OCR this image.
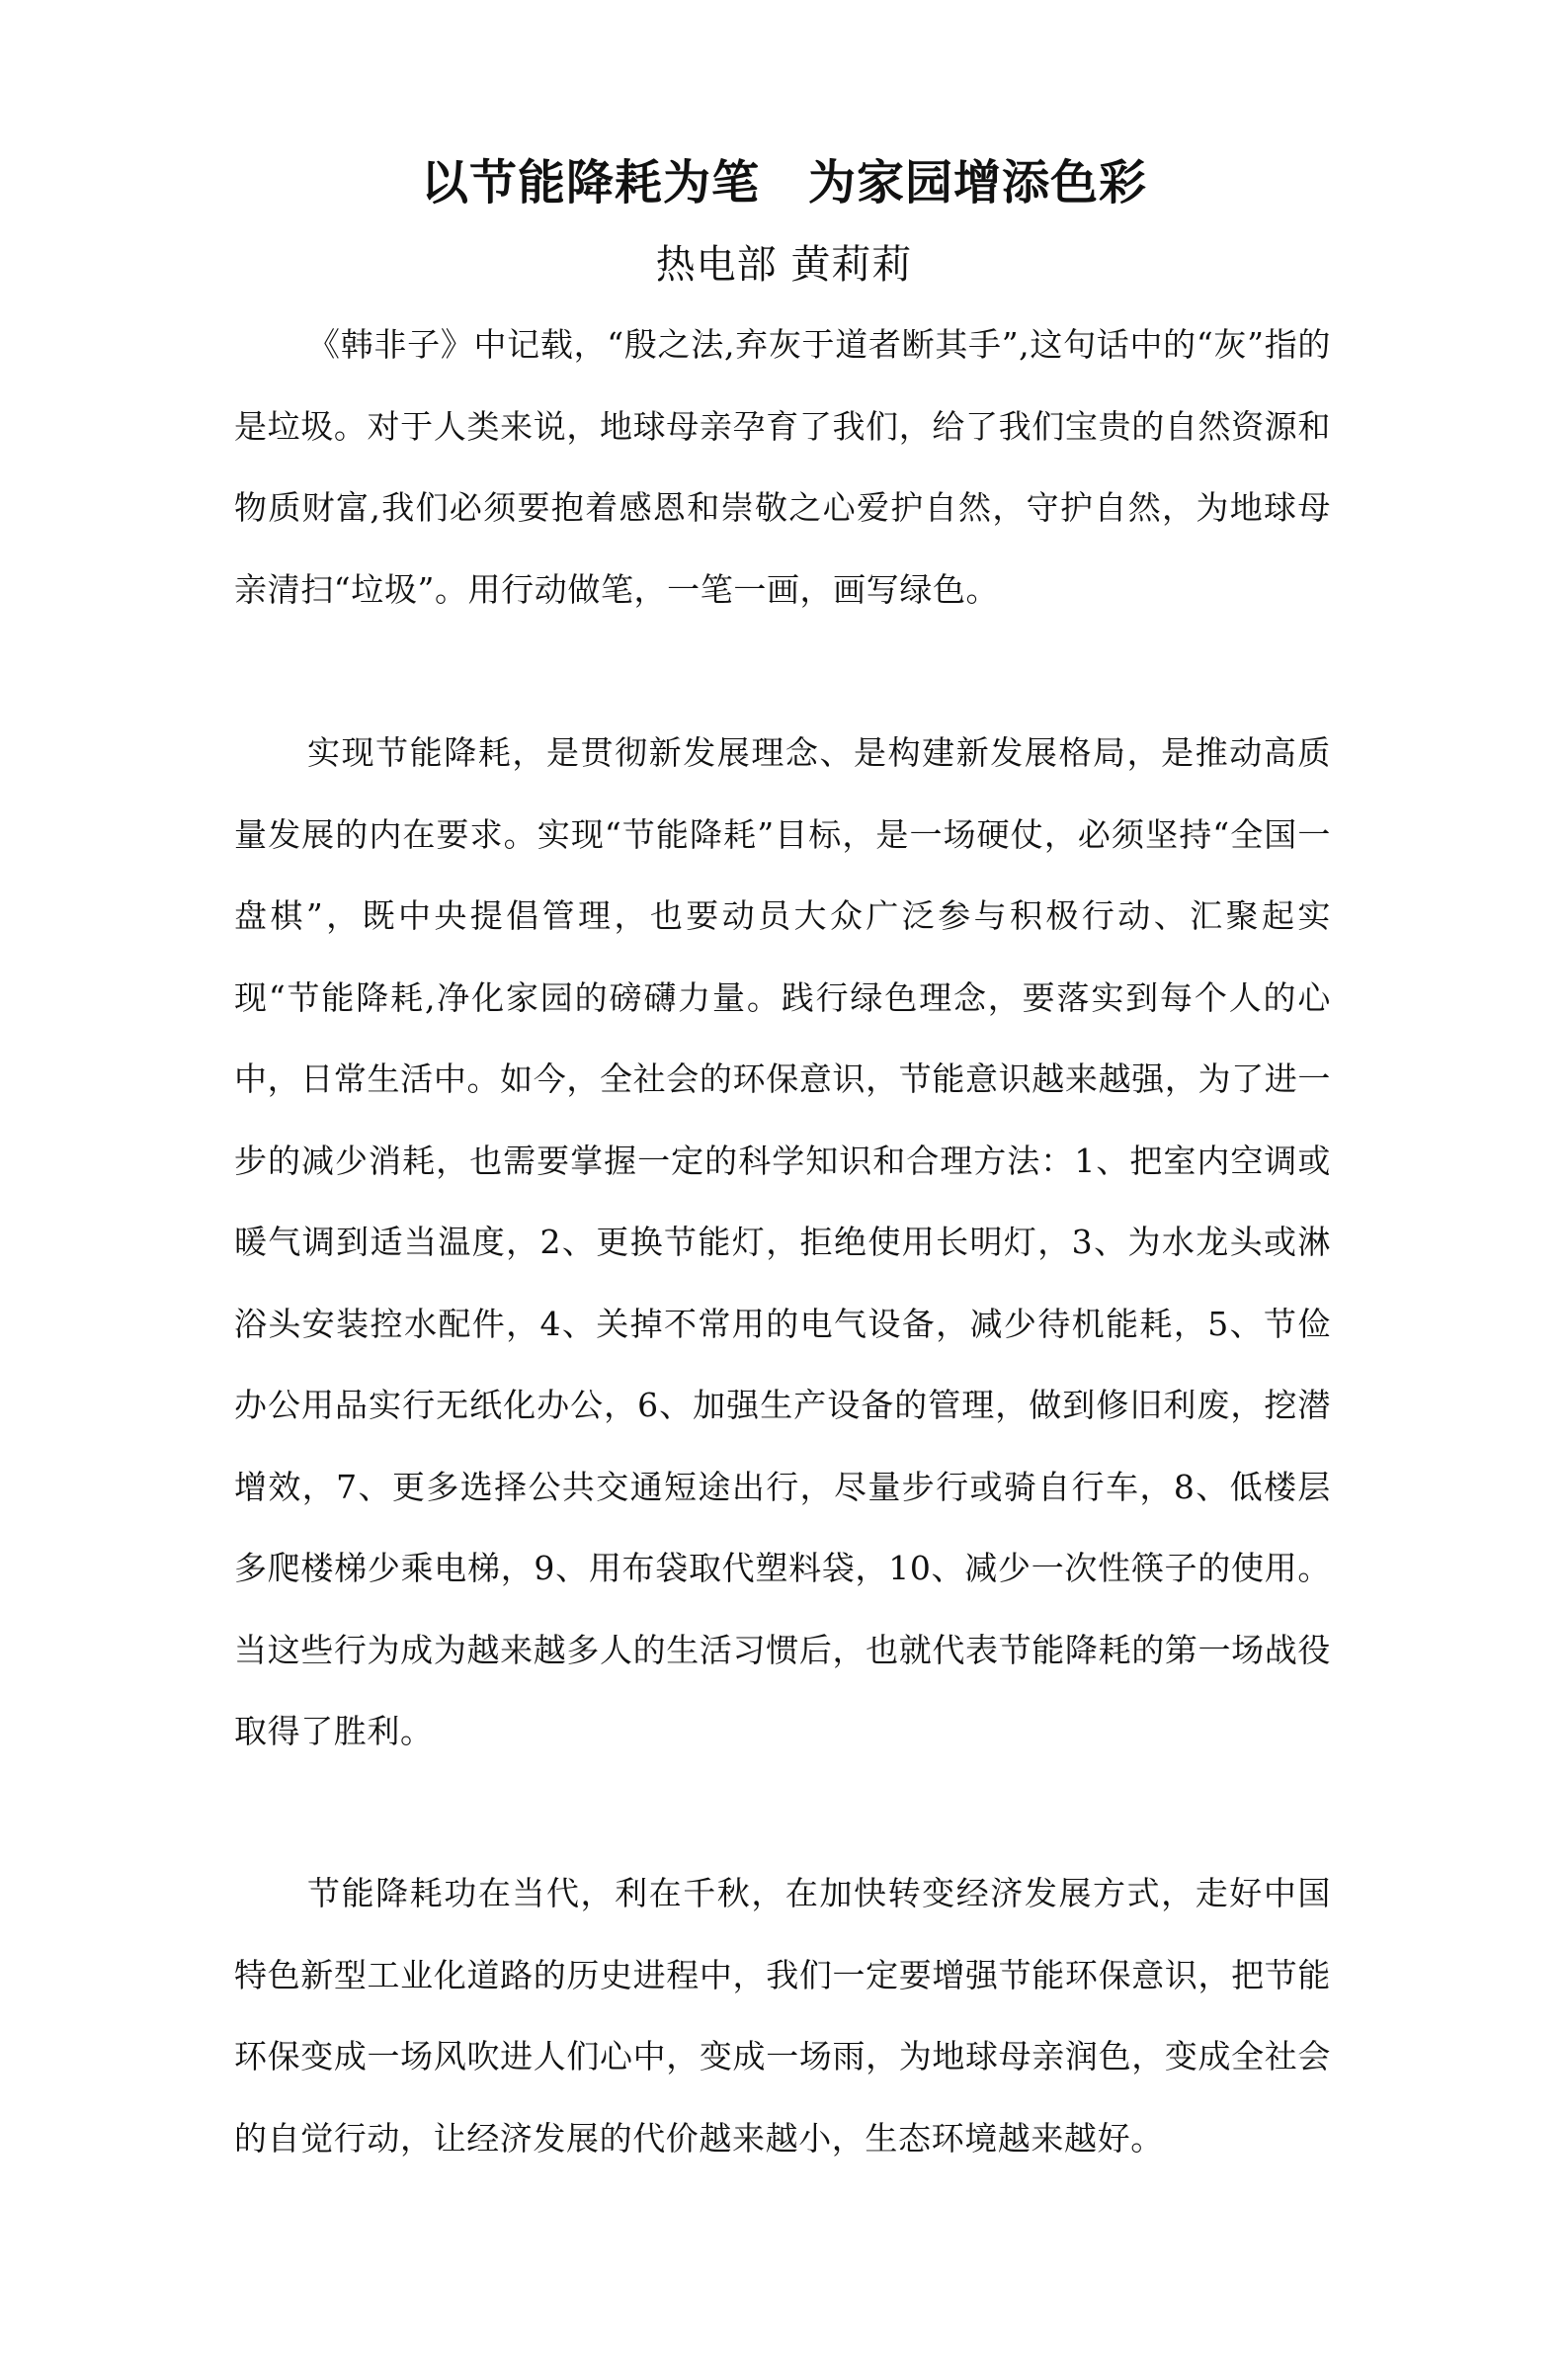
以节能降耗为笔　为家园增添色彩
热电部 黄莉莉

《韩非子》中记载，“殷之法,弃灰于道者断其手”,这句话中的“灰”指的是垃圾。对于人类来说，地球母亲孕育了我们，给了我们宝贵的自然资源和物质财富,我们必须要抱着感恩和崇敬之心爱护自然，守护自然，为地球母亲清扫“垃圾”。用行动做笔，一笔一画，画写绿色。

实现节能降耗，是贯彻新发展理念、是构建新发展格局，是推动高质量发展的内在要求。实现“节能降耗”目标，是一场硬仗，必须坚持“全国一盘棋”，既中央提倡管理，也要动员大众广泛参与积极行动、汇聚起实现“节能降耗,净化家园的磅礴力量。践行绿色理念，要落实到每个人的心中，日常生活中。如今，全社会的环保意识，节能意识越来越强，为了进一步的减少消耗，也需要掌握一定的科学知识和合理方法：1、把室内空调或暖气调到适当温度，2、更换节能灯，拒绝使用长明灯，3、为水龙头或淋浴头安装控水配件，4、关掉不常用的电气设备，减少待机能耗，5、节俭办公用品实行无纸化办公，6、加强生产设备的管理，做到修旧利废，挖潜增效，7、更多选择公共交通短途出行，尽量步行或骑自行车，8、低楼层多爬楼梯少乘电梯，9、用布袋取代塑料袋，10、减少一次性筷子的使用。当这些行为成为越来越多人的生活习惯后，也就代表节能降耗的第一场战役取得了胜利。

节能降耗功在当代，利在千秋，在加快转变经济发展方式，走好中国特色新型工业化道路的历史进程中，我们一定要增强节能环保意识，把节能环保变成一场风吹进人们心中，变成一场雨，为地球母亲润色，变成全社会的自觉行动，让经济发展的代价越来越小，生态环境越来越好。
